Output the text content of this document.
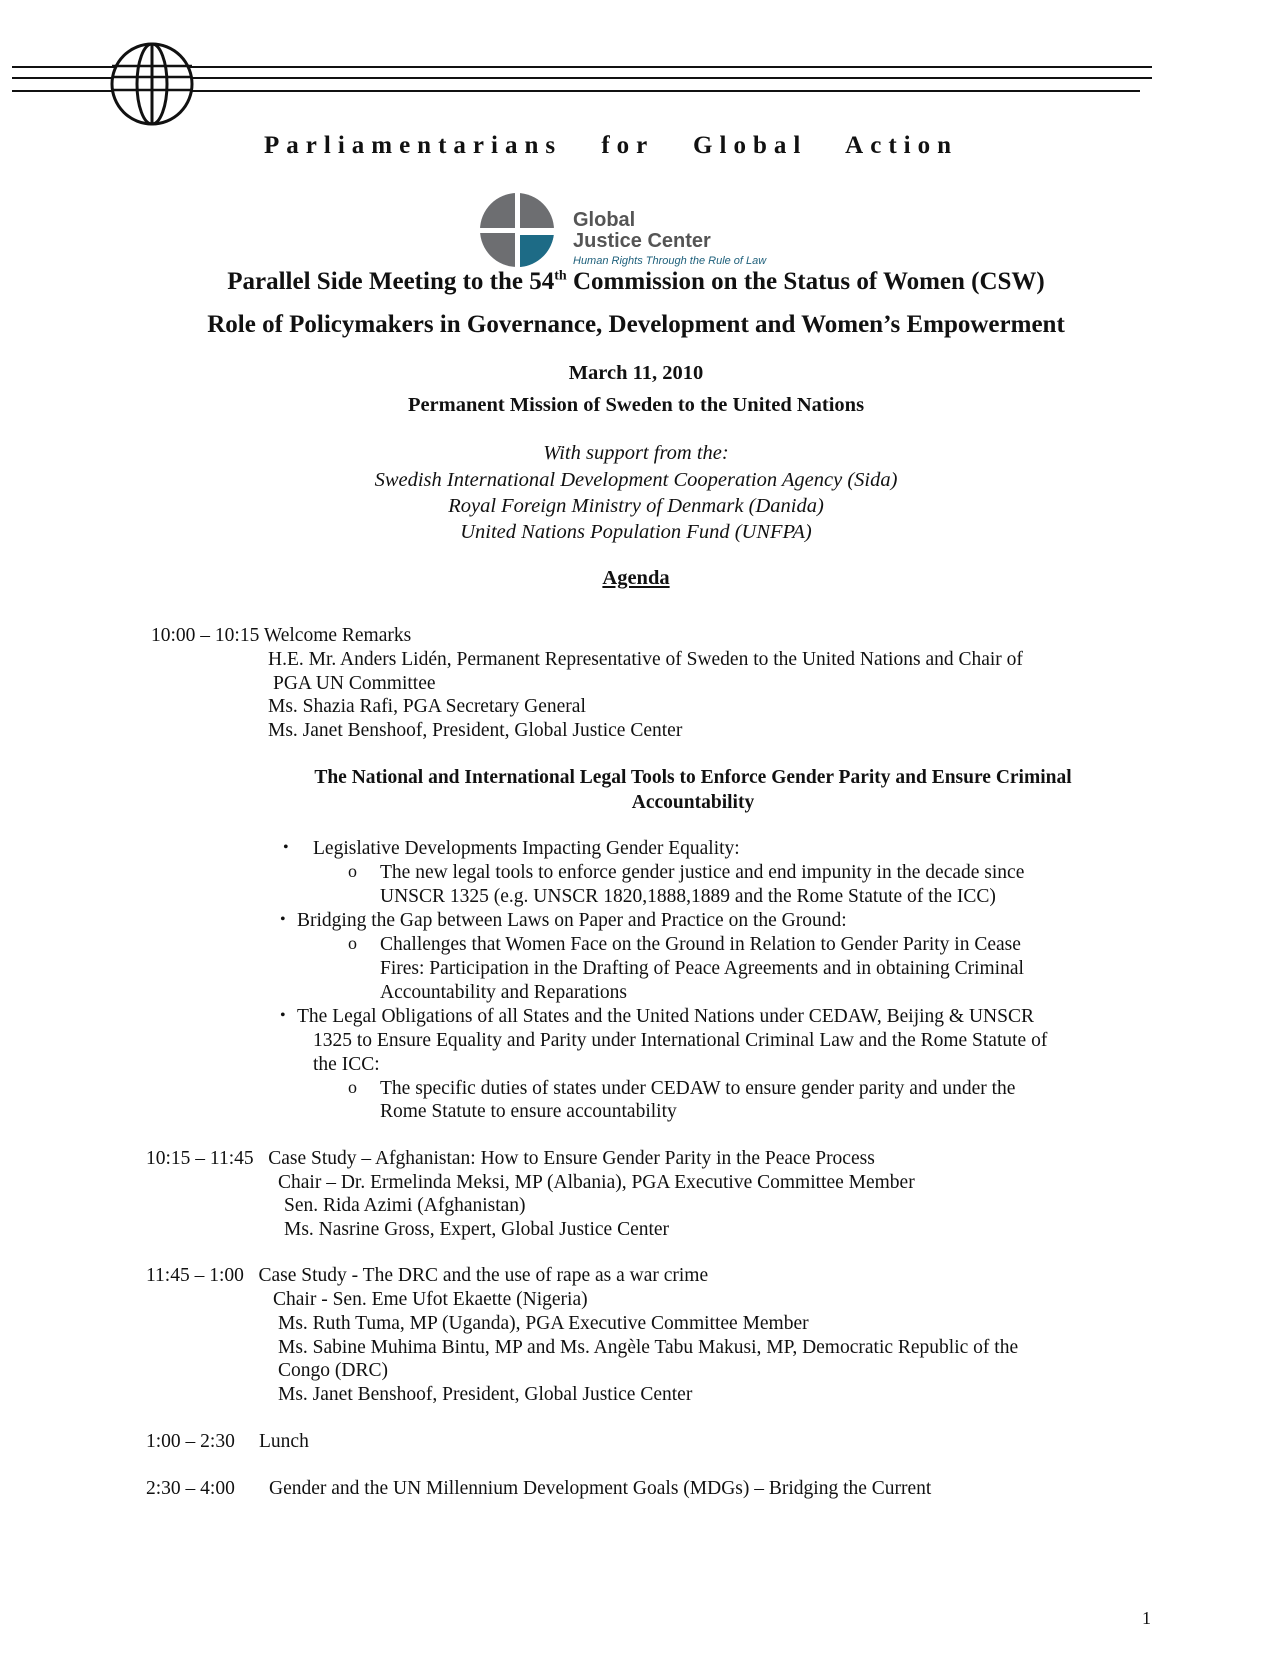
Parliamentarians for Global Action
Global
Justice Center
Human Rights Through the Rule of Law
Parallel Side Meeting to the 54th Commission on the Status of Women (CSW)
Role of Policymakers in Governance, Development and Women’s Empowerment
March 11, 2010
Permanent Mission of Sweden to the United Nations
With support from the:
Swedish International Development Cooperation Agency (Sida)
Royal Foreign Ministry of Denmark (Danida)
United Nations Population Fund (UNFPA)
Agenda
10:00 – 10:15 Welcome Remarks
H.E. Mr. Anders Lidén, Permanent Representative of Sweden to the United Nations and Chair of
PGA UN Committee
Ms. Shazia Rafi, PGA Secretary General
Ms. Janet Benshoof, President, Global Justice Center
The National and International Legal Tools to Enforce Gender Parity and Ensure Criminal
Accountability
• Legislative Developments Impacting Gender Equality:
o The new legal tools to enforce gender justice and end impunity in the decade since
UNSCR 1325 (e.g. UNSCR 1820,1888,1889 and the Rome Statute of the ICC)
• Bridging the Gap between Laws on Paper and Practice on the Ground:
o Challenges that Women Face on the Ground in Relation to Gender Parity in Cease
Fires: Participation in the Drafting of Peace Agreements and in obtaining Criminal
Accountability and Reparations
• The Legal Obligations of all States and the United Nations under CEDAW, Beijing & UNSCR
1325 to Ensure Equality and Parity under International Criminal Law and the Rome Statute of
the ICC:
o The specific duties of states under CEDAW to ensure gender parity and under the
Rome Statute to ensure accountability
10:15 – 11:45 Case Study – Afghanistan: How to Ensure Gender Parity in the Peace Process
Chair – Dr. Ermelinda Meksi, MP (Albania), PGA Executive Committee Member
Sen. Rida Azimi (Afghanistan)
Ms. Nasrine Gross, Expert, Global Justice Center
11:45 – 1:00 Case Study - The DRC and the use of rape as a war crime
Chair - Sen. Eme Ufot Ekaette (Nigeria)
Ms. Ruth Tuma, MP (Uganda), PGA Executive Committee Member
Ms. Sabine Muhima Bintu, MP and Ms. Angèle Tabu Makusi, MP, Democratic Republic of the
Congo (DRC)
Ms. Janet Benshoof, President, Global Justice Center
1:00 – 2:30 Lunch
2:30 – 4:00 Gender and the UN Millennium Development Goals (MDGs) – Bridging the Current
1
